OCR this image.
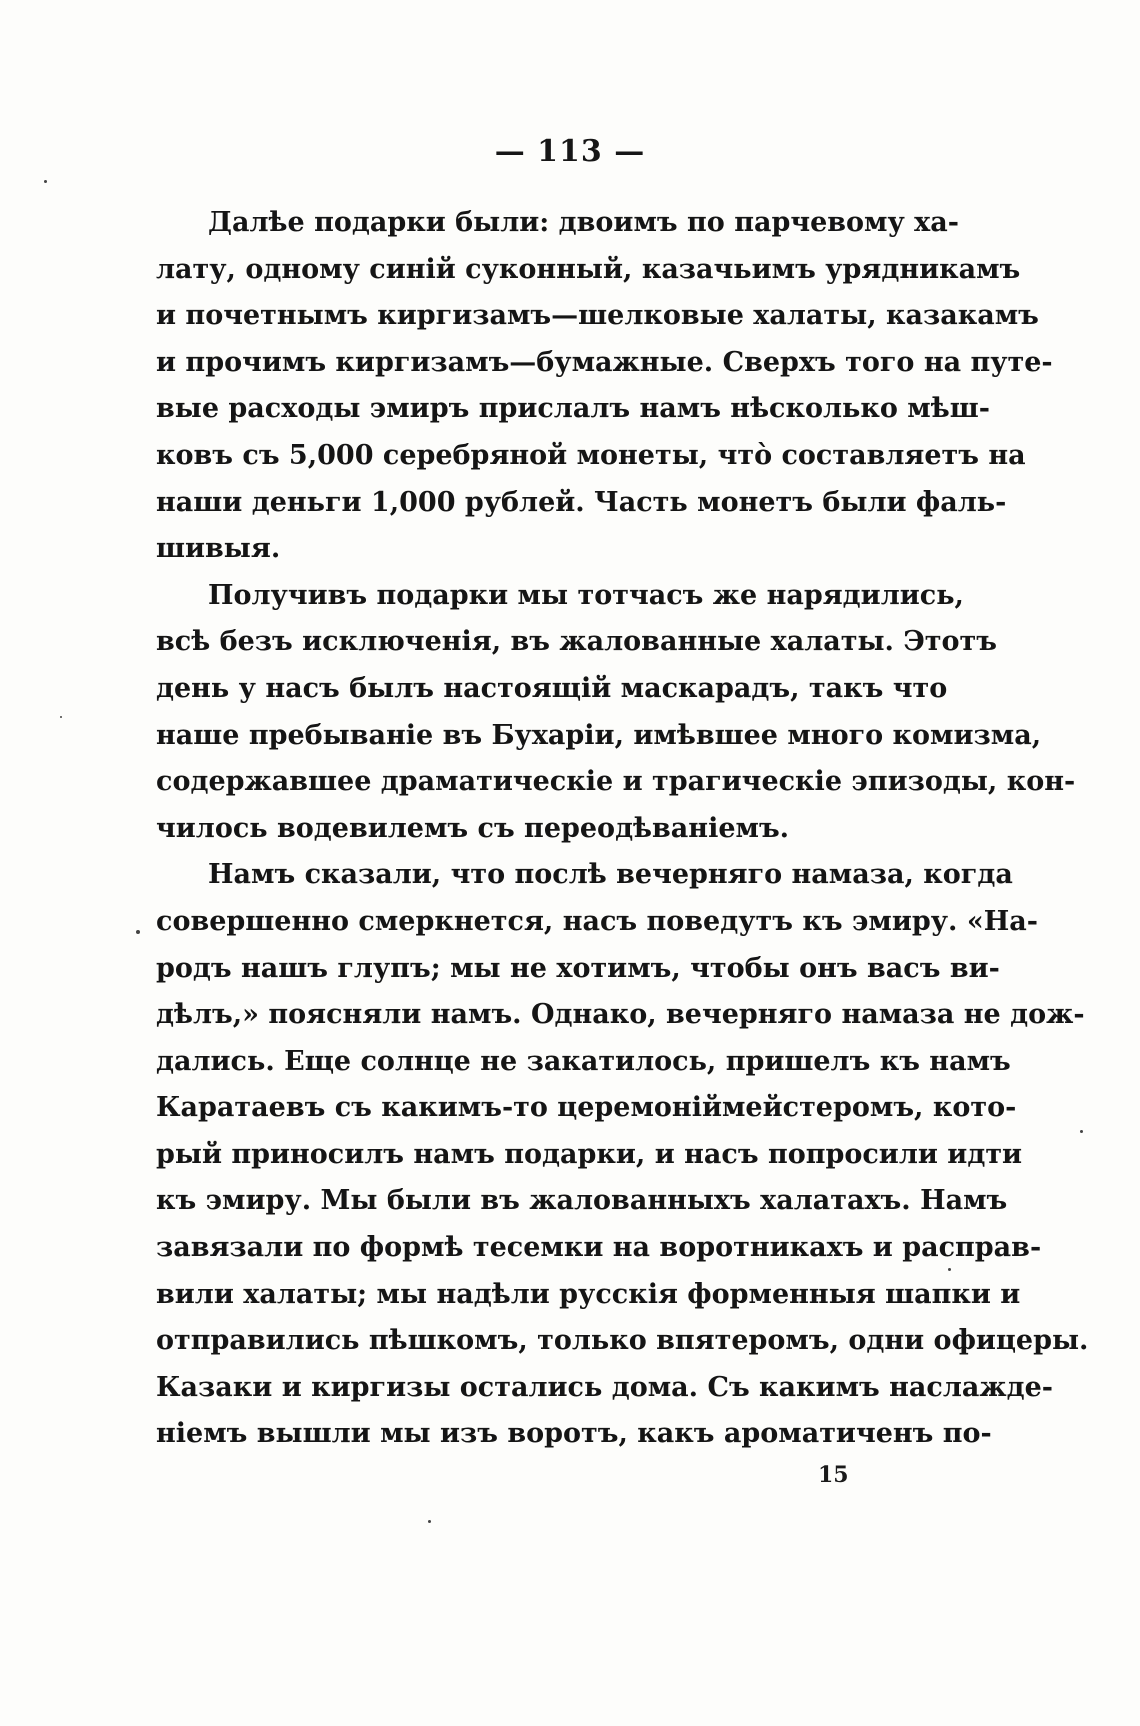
— 113 —
Далѣе подарки были: двоимъ по парчевому ха-
лату, одному синій суконный, казачьимъ урядникамъ
и почетнымъ киргизамъ—шелковые халаты, казакамъ
и прочимъ киргизамъ—бумажные. Сверхъ того на путе-
вые расходы эмиръ прислалъ намъ нѣсколько мѣш-
ковъ съ 5,000 серебряной монеты, что̀ составляетъ на
наши деньги 1,000 рублей. Часть монетъ были фаль-
шивыя.
Получивъ подарки мы тотчасъ же нарядились,
всѣ безъ исключенія, въ жалованные халаты. Этотъ
день у насъ былъ настоящій маскарадъ, такъ что
наше пребываніе въ Бухаріи, имѣвшее много комизма,
содержавшее драматическіе и трагическіе эпизоды, кон-
чилось водевилемъ съ переодѣваніемъ.
Намъ сказали, что послѣ вечерняго намаза, когда
совершенно смеркнется, насъ поведутъ къ эмиру. «На-
родъ нашъ глупъ; мы не хотимъ, чтобы онъ васъ ви-
дѣлъ,» поясняли намъ. Однако, вечерняго намаза не дож-
дались. Еще солнце не закатилось, пришелъ къ намъ
Каратаевъ съ какимъ-то церемоніймейстеромъ, кото-
рый приносилъ намъ подарки, и насъ попросили идти
къ эмиру. Мы были въ жалованныхъ халатахъ. Намъ
завязали по формѣ тесемки на воротникахъ и расправ-
вили халаты; мы надѣли русскія форменныя шапки и
отправились пѣшкомъ, только впятеромъ, одни офицеры.
Казаки и киргизы остались дома. Съ какимъ наслажде-
ніемъ вышли мы изъ воротъ, какъ ароматиченъ по-
15
